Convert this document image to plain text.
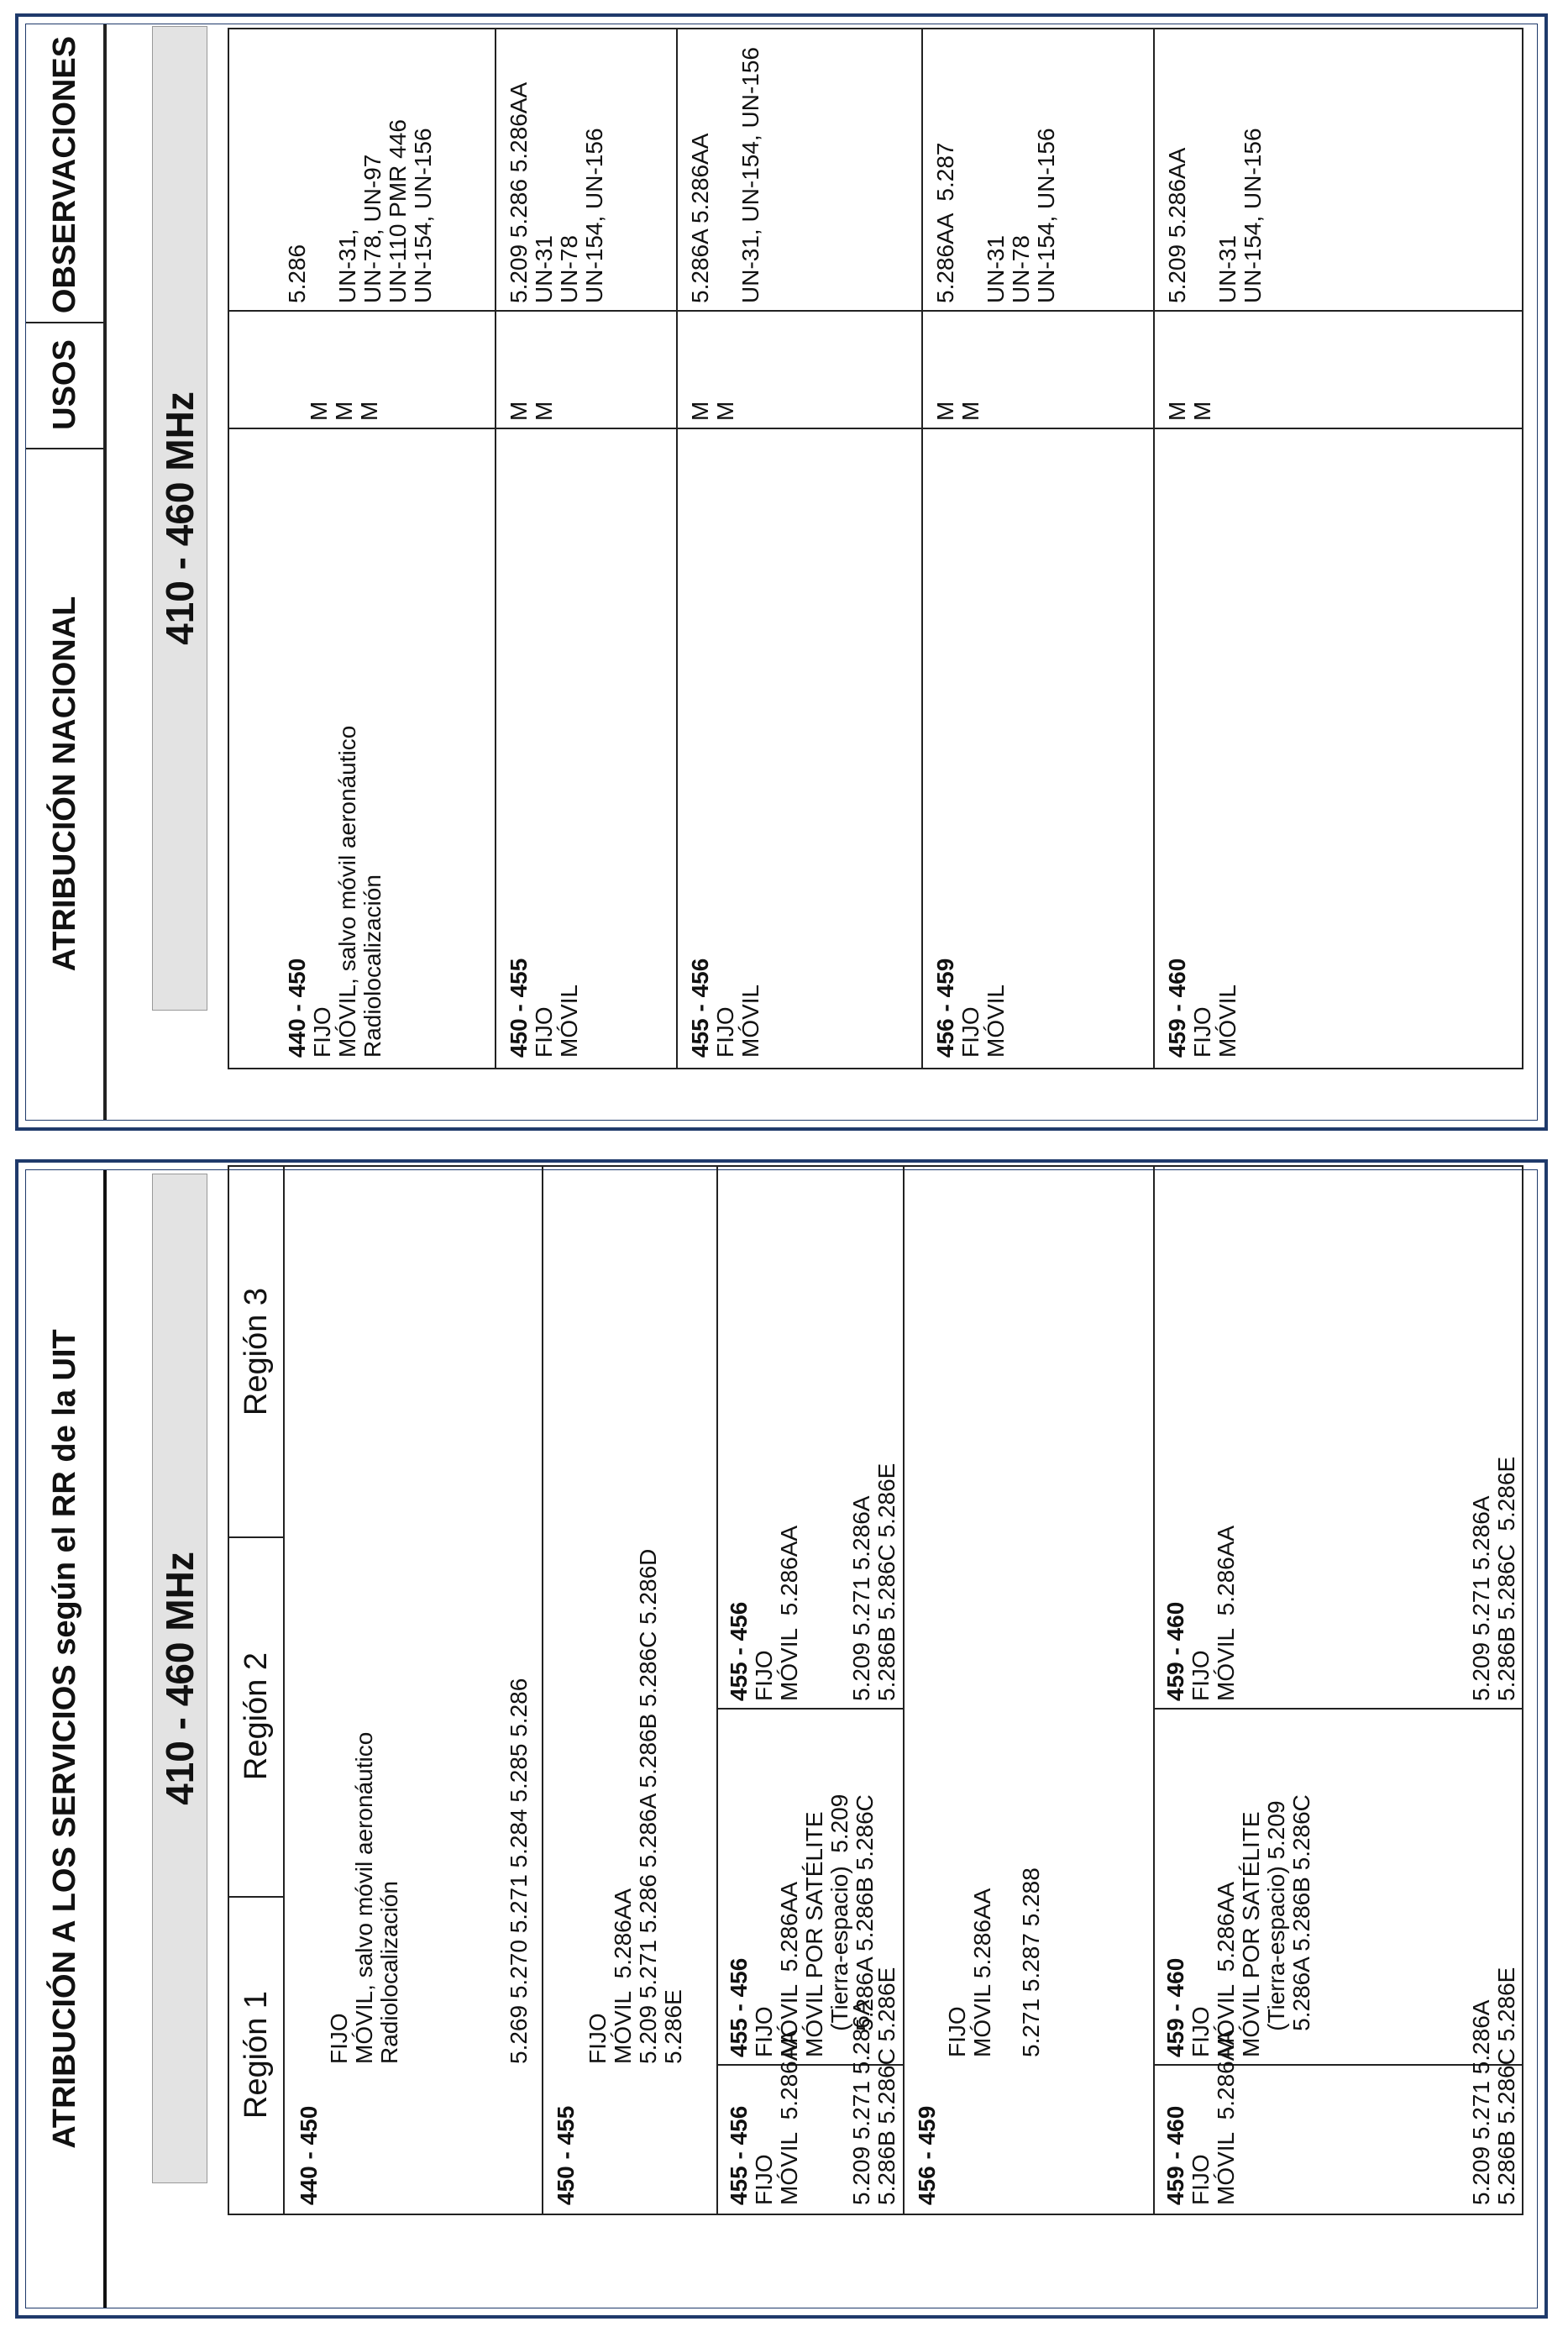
ATRIBUCIÓN A LOS SERVICIOS según el RR de la UIT	410 - 460 MHz
Región 1
Región 2
Región 3
440 - 450
FIJO
MÓVIL, salvo móvil aeronáutico
Radiolocalización	5.269 5.270 5.271 5.284 5.285 5.286
450 - 455
FIJO
MÓVIL  5.286AA
5.209 5.271 5.286 5.286A 5.286B 5.286C 5.286D
5.286E
455 - 456 FIJO
MÓVIL  5.286AA
5.209 5.271 5.286A
5.286B 5.286C 5.286E
455 - 456 FIJO
MÓVIL  5.286AA
MÓVIL POR SATÉLITE
(Tierra-espacio)  5.209
5.286A 5.286B 5.286C
455 - 456 FIJO
MÓVIL  5.286AA
5.209 5.271 5.286A
5.286B 5.286C 5.286E
456 - 459
FIJO
MÓVIL 5.286AA 5.271 5.287 5.288
459 - 460 FIJO
MÓVIL  5.286AA
5.209 5.271 5.286A
5.286B 5.286C 5.286E
459 - 460 FIJO
MÓVIL  5.286AA
MÓVIL POR SATÉLITE
(Tierra-espacio) 5.209
5.286A 5.286B 5.286C
459 - 460 FIJO
MÓVIL  5.286AA
5.209 5.271 5.286A
5.286B 5.286C  5.286E
ATRIBUCIÓN NACIONAL
USOS
OBSERVACIONES
410 - 460 MHz
440 - 450 FIJO
MÓVIL, salvo móvil aeronáutico
Radiolocalización
M
M
M
5.286

UN-31,
UN-78, UN-97
UN-110 PMR 446
UN-154, UN-156
450 - 455 FIJO
MÓVIL
M
M
5.209 5.286 5.286AA
UN-31
UN-78
UN-154, UN-156
455 - 456 FIJO
MÓVIL
M
M
5.286A 5.286AA

UN-31, UN-154, UN-156
456 - 459 FIJO
MÓVIL
M
M
5.286AA  5.287

UN-31
UN-78
UN-154, UN-156
459 - 460 FIJO
MÓVIL
M
M
5.209 5.286AA

UN-31
UN-154, UN-156
